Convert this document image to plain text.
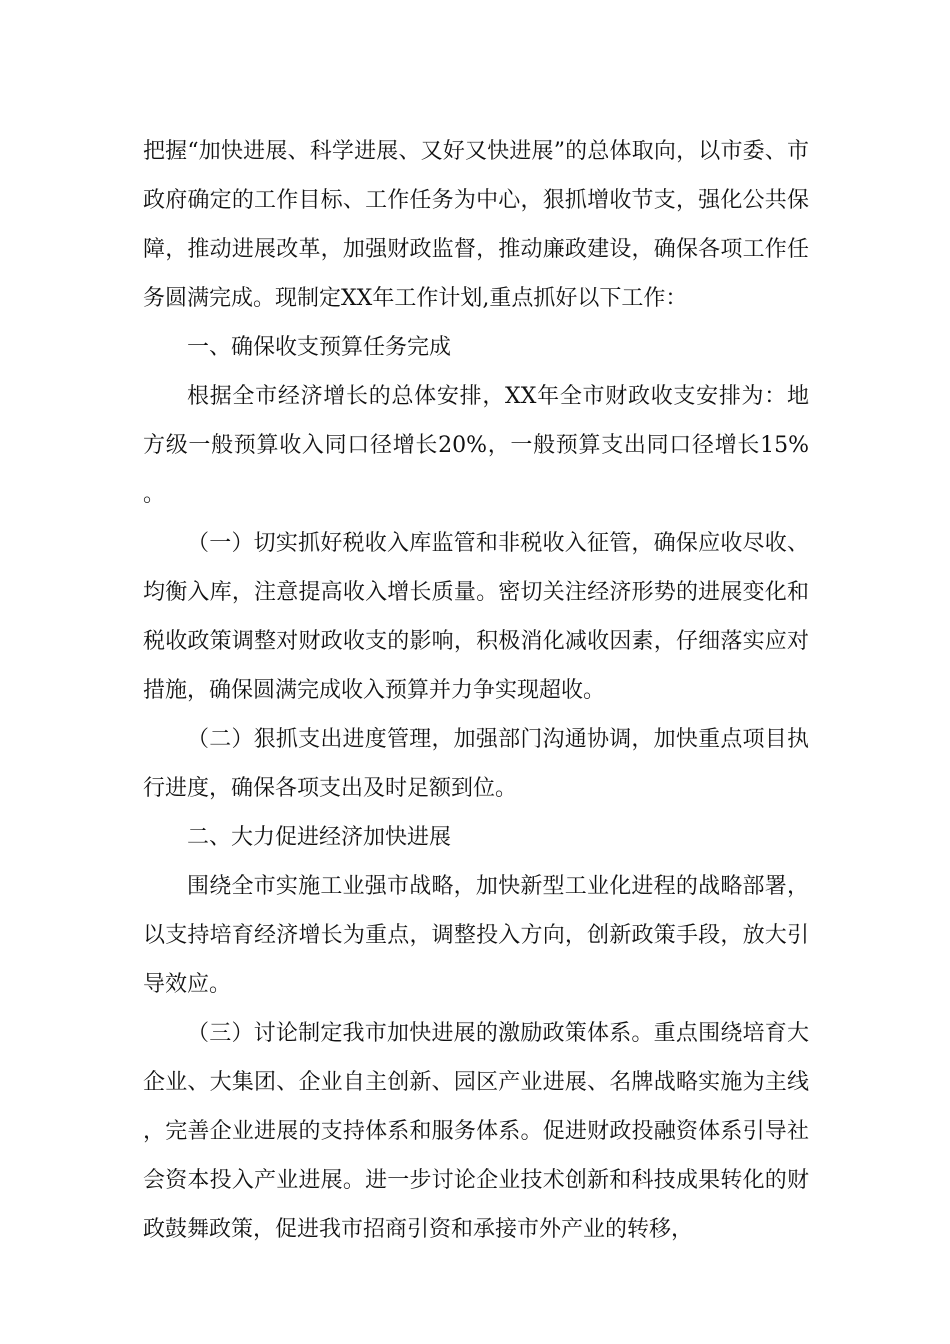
把握“加快进展、科学进展、又好又快进展”的总体取向，以市委、市政府确定的工作目标、工作任务为中心，狠抓增收节支，强化公共保障，推动进展改革，加强财政监督，推动廉政建设，确保各项工作任务圆满完成。现制定XX年工作计划,重点抓好以下工作：

一、确保收支预算任务完成

根据全市经济增长的总体安排，XX年全市财政收支安排为：地方级一般预算收入同口径增长20%，一般预算支出同口径增长15%。

（一）切实抓好税收入库监管和非税收入征管，确保应收尽收、均衡入库，注意提高收入增长质量。密切关注经济形势的进展变化和税收政策调整对财政收支的影响，积极消化减收因素，仔细落实应对措施，确保圆满完成收入预算并力争实现超收。

（二）狠抓支出进度管理，加强部门沟通协调，加快重点项目执行进度，确保各项支出及时足额到位。

二、大力促进经济加快进展

围绕全市实施工业强市战略，加快新型工业化进程的战略部署，以支持培育经济增长为重点，调整投入方向，创新政策手段，放大引导效应。

（三）讨论制定我市加快进展的激励政策体系。重点围绕培育大企业、大集团、企业自主创新、园区产业进展、名牌战略实施为主线，完善企业进展的支持体系和服务体系。促进财政投融资体系引导社会资本投入产业进展。进一步讨论企业技术创新和科技成果转化的财政鼓舞政策，促进我市招商引资和承接市外产业的转移，
